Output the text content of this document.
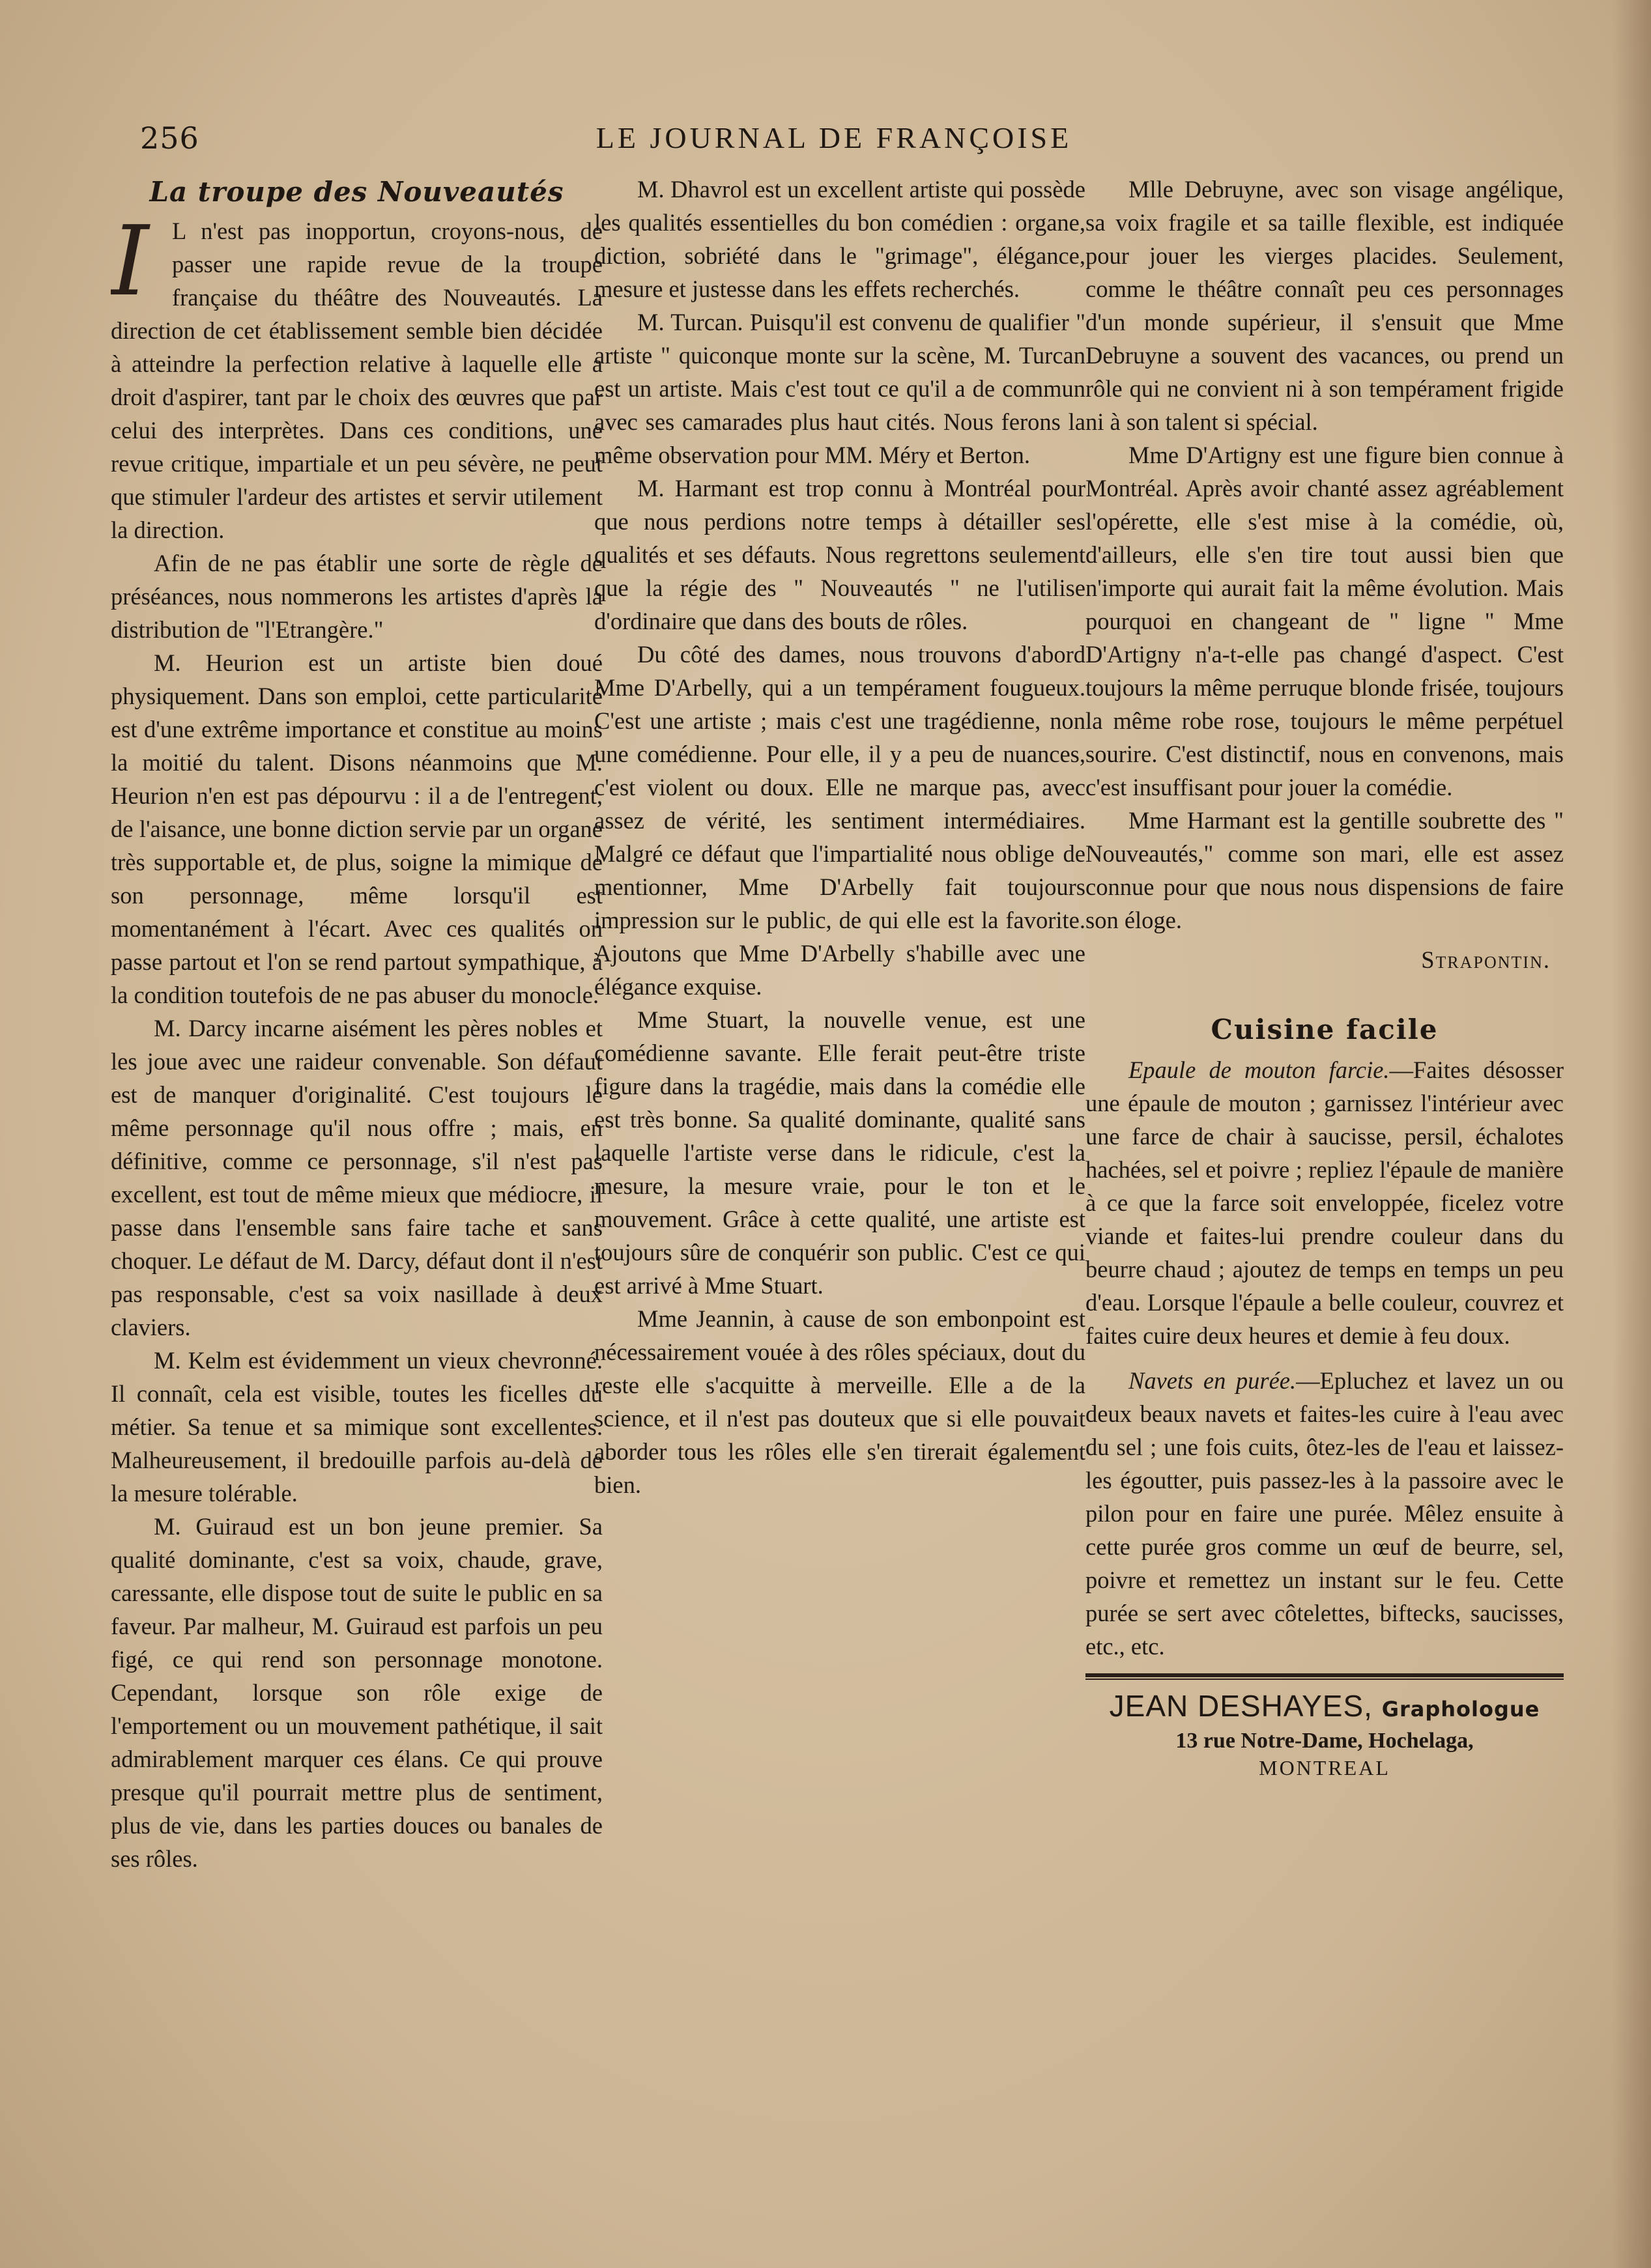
256	LE JOURNAL DE FRANÇOISE
La troupe des Nouveautés

I L n'est pas inopportun, croyons-nous, de passer une rapide revue de la troupe française du théâtre des Nouveautés. La direction de cet établissement semble bien décidée à atteindre la perfection relative à laquelle elle a droit d'aspirer, tant par le choix des œuvres que par celui des interprètes. Dans ces conditions, une revue critique, impartiale et un peu sévère, ne peut que stimuler l'ardeur des artistes et servir utilement la direction.

Afin de ne pas établir une sorte de règle de préséances, nous nommerons les artistes d'après la distribution de "l'Etrangère."

M. Heurion est un artiste bien doué physiquement. Dans son emploi, cette particularité est d'une extrême importance et constitue au moins la moitié du talent. Disons néanmoins que M. Heurion n'en est pas dépourvu : il a de l'entregent, de l'aisance, une bonne diction servie par un organe très supportable et, de plus, soigne la mimique de son personnage, même lorsqu'il est momentanément à l'écart. Avec ces qualités on passe partout et l'on se rend partout sympathique, à la condition toutefois de ne pas abuser du monocle.

M. Darcy incarne aisément les pères nobles et les joue avec une raideur convenable. Son défaut est de manquer d'originalité. C'est toujours le même personnage qu'il nous offre ; mais, en définitive, comme ce personnage, s'il n'est pas excellent, est tout de même mieux que médiocre, il passe dans l'ensemble sans faire tache et sans choquer. Le défaut de M. Darcy, défaut dont il n'est pas responsable, c'est sa voix nasillade à deux claviers.

M. Kelm est évidemment un vieux chevronné. Il connaît, cela est visible, toutes les ficelles du métier. Sa tenue et sa mimique sont excellentes. Malheureusement, il bredouille parfois au-delà de la mesure tolérable.

M. Guiraud est un bon jeune premier. Sa qualité dominante, c'est sa voix, chaude, grave, caressante, elle dispose tout de suite le public en sa faveur. Par malheur, M. Guiraud est parfois un peu figé, ce qui rend son personnage monotone. Cependant, lorsque son rôle exige de l'emportement ou un mouvement pathétique, il sait admirablement marquer ces élans. Ce qui prouve presque qu'il pourrait mettre plus de sentiment, plus de vie, dans les parties douces ou banales de ses rôles.

M. Dhavrol est un excellent artiste qui possède les qualités essentielles du bon comédien : organe, diction, sobriété dans le "grimage", élégance, mesure et justesse dans les effets recherchés.

M. Turcan. Puisqu'il est convenu de qualifier " artiste " quiconque monte sur la scène, M. Turcan est un artiste. Mais c'est tout ce qu'il a de commun avec ses camarades plus haut cités. Nous ferons la même observation pour MM. Méry et Berton.

M. Harmant est trop connu à Montréal pour que nous perdions notre temps à détailler ses qualités et ses défauts. Nous regrettons seulement que la régie des " Nouveautés " ne l'utilise d'ordinaire que dans des bouts de rôles.

Du côté des dames, nous trouvons d'abord Mme D'Arbelly, qui a un tempérament fougueux. C'est une artiste ; mais c'est une tragédienne, non une comédienne. Pour elle, il y a peu de nuances, c'est violent ou doux. Elle ne marque pas, avec assez de vérité, les sentiment intermédiaires. Malgré ce défaut que l'impartialité nous oblige de mentionner, Mme D'Arbelly fait toujours impression sur le public, de qui elle est la favorite. Ajoutons que Mme D'Arbelly s'habille avec une élégance exquise.

Mme Stuart, la nouvelle venue, est une comédienne savante. Elle ferait peut-être triste figure dans la tragédie, mais dans la comédie elle est très bonne. Sa qualité dominante, qualité sans laquelle l'artiste verse dans le ridicule, c'est la mesure, la mesure vraie, pour le ton et le mouvement. Grâce à cette qualité, une artiste est toujours sûre de conquérir son public. C'est ce qui est arrivé à Mme Stuart.

Mme Jeannin, à cause de son embonpoint est nécessairement vouée à des rôles spéciaux, dout du reste elle s'acquitte à merveille. Elle a de la science, et il n'est pas douteux que si elle pouvait aborder tous les rôles elle s'en tirerait également bien.

Mlle Debruyne, avec son visage angélique, sa voix fragile et sa taille flexible, est indiquée pour jouer les vierges placides. Seulement, comme le théâtre connaît peu ces personnages d'un monde supérieur, il s'ensuit que Mme Debruyne a souvent des vacances, ou prend un rôle qui ne convient ni à son tempérament frigide ni à son talent si spécial.

Mme D'Artigny est une figure bien connue à Montréal. Après avoir chanté assez agréablement l'opérette, elle s'est mise à la comédie, où, d'ailleurs, elle s'en tire tout aussi bien que n'importe qui aurait fait la même évolution. Mais pourquoi en changeant de " ligne " Mme D'Artigny n'a-t-elle pas changé d'aspect. C'est toujours la même perruque blonde frisée, toujours la même robe rose, toujours le même perpétuel sourire. C'est distinctif, nous en convenons, mais c'est insuffisant pour jouer la comédie.

Mme Harmant est la gentille soubrette des " Nouveautés," comme son mari, elle est assez connue pour que nous nous dispensions de faire son éloge.

Strapontin.
Cuisine facile

Epaule de mouton farcie.—Faites désosser une épaule de mouton ; garnissez l'intérieur avec une farce de chair à saucisse, persil, échalotes hachées, sel et poivre ; repliez l'épaule de manière à ce que la farce soit enveloppée, ficelez votre viande et faites-lui prendre couleur dans du beurre chaud ; ajoutez de temps en temps un peu d'eau. Lorsque l'épaule a belle couleur, couvrez et faites cuire deux heures et demie à feu doux.

Navets en purée.—Epluchez et lavez un ou deux beaux navets et faites-les cuire à l'eau avec du sel ; une fois cuits, ôtez-les de l'eau et laissez-les égoutter, puis passez-les à la passoire avec le pilon pour en faire une purée. Mêlez ensuite à cette purée gros comme un œuf de beurre, sel, poivre et remettez un instant sur le feu. Cette purée se sert avec côtelettes, biftecks, saucisses, etc., etc.

JEAN DESHAYES, Graphologue
13 rue Notre-Dame, Hochelaga,
MONTREAL
